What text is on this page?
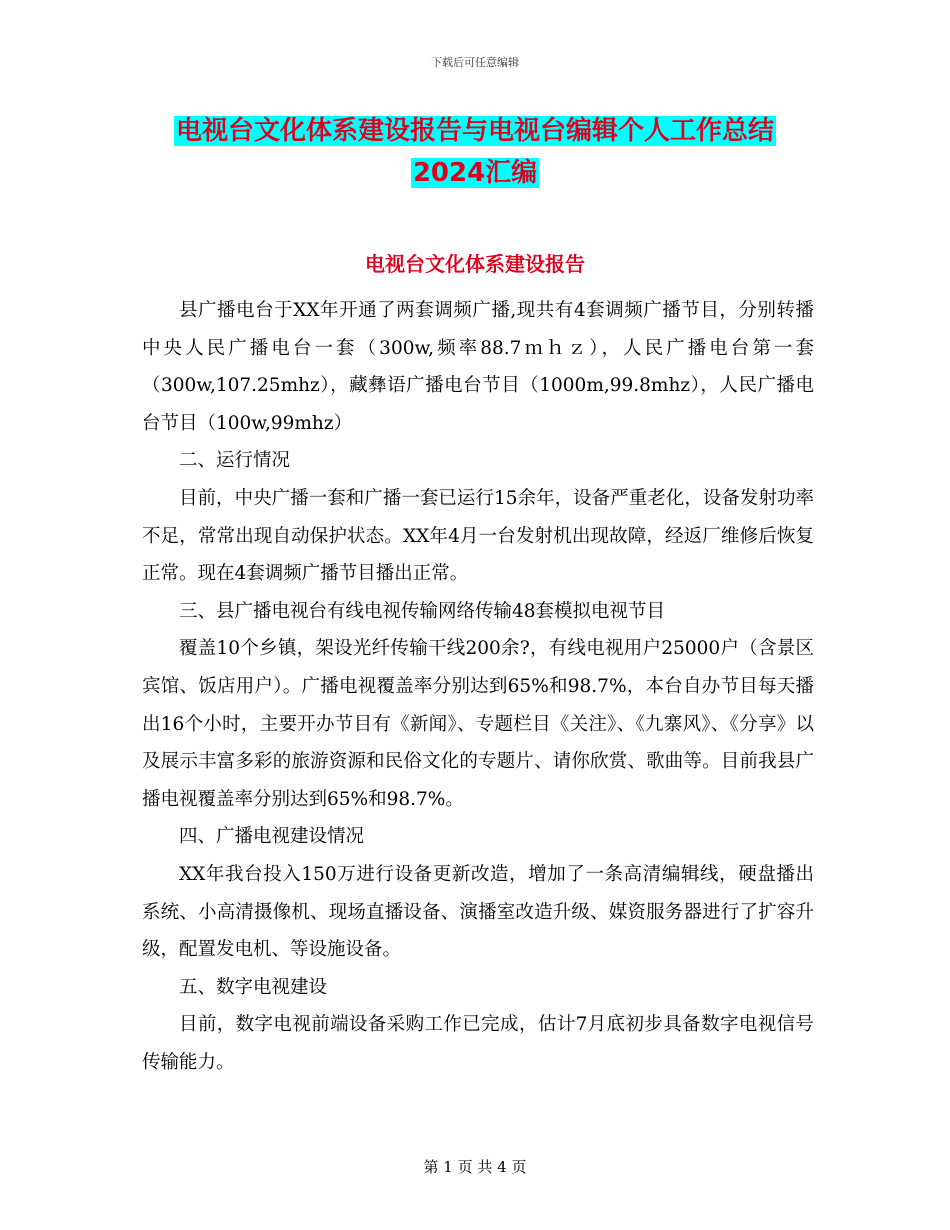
下载后可任意编辑
电视台文化体系建设报告与电视台编辑个人工作总结
2024汇编
电视台文化体系建设报告

县广播电台于XX年开通了两套调频广播,现共有4套调频广播节目，分别转播中央人民广播电台一套（300w,频率88.7ｍｈｚ），人民广播电台第一套（300w,107.25mhz），藏彝语广播电台节目（1000m,99.8mhz），人民广播电台节目（100w,99mhz）

二、运行情况

目前，中央广播一套和广播一套已运行15余年，设备严重老化，设备发射功率不足，常常出现自动保护状态。XX年4月一台发射机出现故障，经返厂维修后恢复正常。现在4套调频广播节目播出正常。

三、县广播电视台有线电视传输网络传输48套模拟电视节目

覆盖10个乡镇，架设光纤传输干线200余?，有线电视用户25000户（含景区宾馆、饭店用户）。广播电视覆盖率分别达到65%和98.7%，本台自办节目每天播出16个小时，主要开办节目有《新闻》、专题栏目《关注》、《九寨风》、《分享》以及展示丰富多彩的旅游资源和民俗文化的专题片、请你欣赏、歌曲等。目前我县广播电视覆盖率分别达到65%和98.7%。

四、广播电视建设情况

XX年我台投入150万进行设备更新改造，增加了一条高清编辑线，硬盘播出系统、小高清摄像机、现场直播设备、演播室改造升级、媒资服务器进行了扩容升级，配置发电机、等设施设备。

五、数字电视建设

目前，数字电视前端设备采购工作已完成，估计7月底初步具备数字电视信号传输能力。

第 1 页 共 4 页
